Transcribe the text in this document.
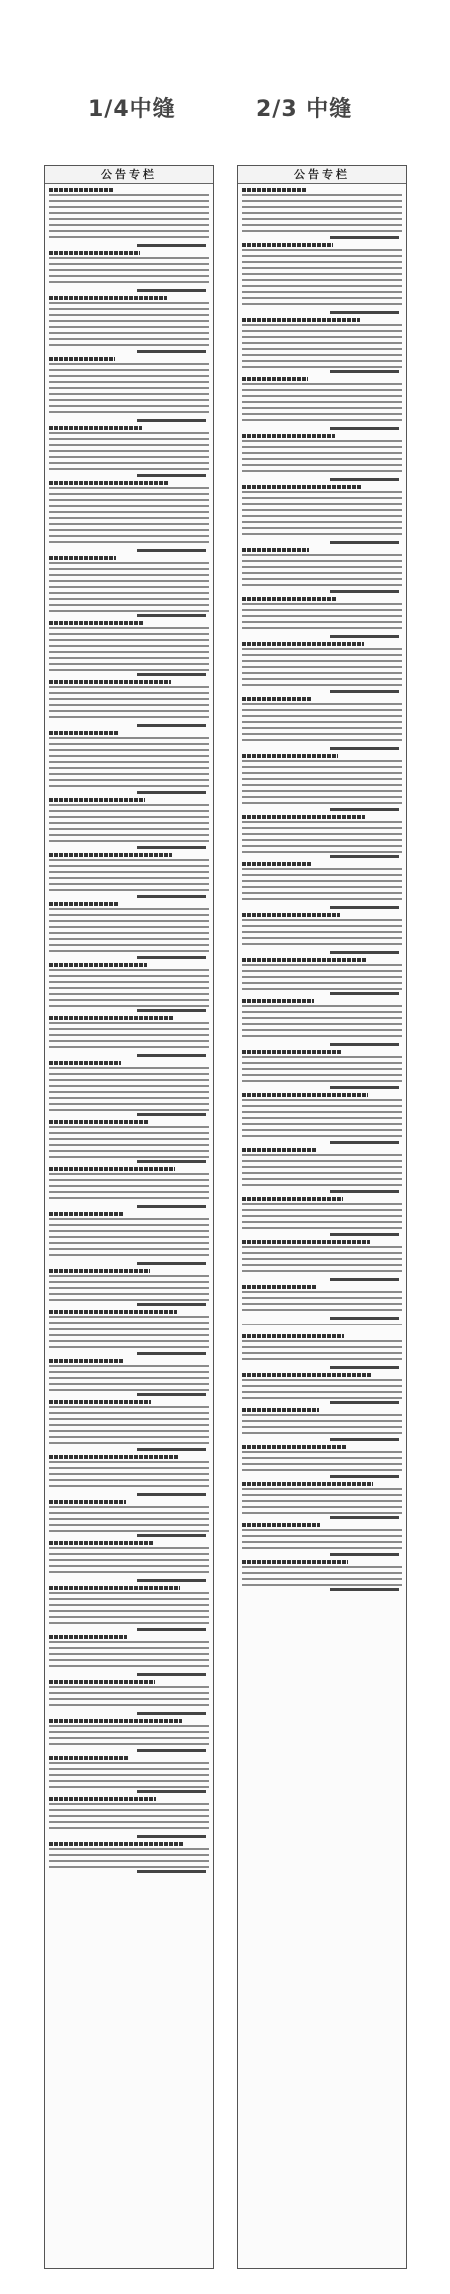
1/4中缝	2/3 中缝
公告专栏	公告专栏
